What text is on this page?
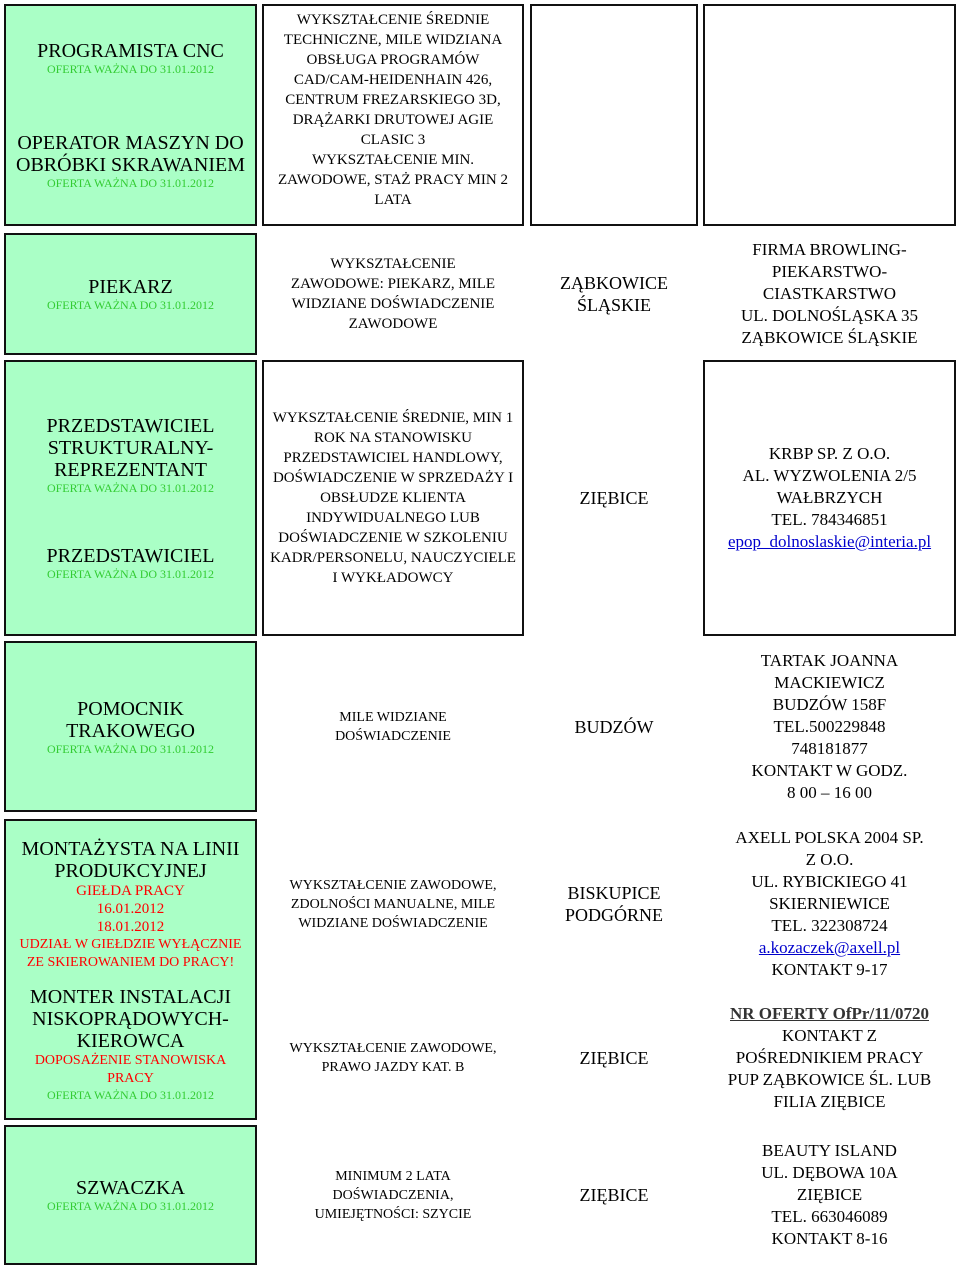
PROGRAMISTA CNC
OFERTA WAŻNA DO 31.01.2012
OPERATOR MASZYN DO OBRÓBKI SKRAWANIEM
OFERTA WAŻNA DO 31.01.2012
PIEKARZ
OFERTA WAŻNA DO 31.01.2012
PRZEDSTAWICIEL STRUKTURALNY-REPREZENTANT
OFERTA WAŻNA DO 31.01.2012
PRZEDSTAWICIEL
OFERTA WAŻNA DO 31.01.2012
POMOCNIK TRAKOWEGO
OFERTA WAŻNA DO 31.01.2012
MONTAŻYSTA NA LINII PRODUKCYJNEJ
GIEŁDA PRACY
16.01.2012
18.01.2012
UDZIAŁ W GIEŁDZIE WYŁĄCZNIE ZE SKIEROWANIEM DO PRACY!
MONTER INSTALACJI NISKOPRĄDOWYCH-KIEROWCA
DOPOSAŻENIE STANOWISKA PRACY
OFERTA WAŻNA DO 31.01.2012
SZWACZKA
OFERTA WAŻNA DO 31.01.2012
WYKSZTAŁCENIE ŚREDNIE TECHNICZNE, MILE WIDZIANA OBSŁUGA PROGRAMÓW CAD/CAM-HEIDENHAIN 426, CENTRUM FREZARSKIEGO 3D, DRĄŻARKI DRUTOWEJ AGIE CLASIC 3
WYKSZTAŁCENIE MIN. ZAWODOWE, STAŻ PRACY MIN 2 LATA
WYKSZTAŁCENIE ZAWODOWE: PIEKARZ, MILE WIDZIANE DOŚWIADCZENIE ZAWODOWE
WYKSZTAŁCENIE ŚREDNIE, MIN 1 ROK NA STANOWISKU PRZEDSTAWICIEL HANDLOWY, DOŚWIADCZENIE W SPRZEDAŻY I OBSŁUDZE KLIENTA INDYWIDUALNEGO LUB DOŚWIADCZENIE W SZKOLENIU KADR/PERSONELU, NAUCZYCIELE I WYKŁADOWCY
MILE WIDZIANE DOŚWIADCZENIE
WYKSZTAŁCENIE ZAWODOWE, ZDOLNOŚCI MANUALNE, MILE WIDZIANE DOŚWIADCZENIE
WYKSZTAŁCENIE ZAWODOWE, PRAWO JAZDY KAT. B
MINIMUM 2 LATA DOŚWIADCZENIA, UMIEJĘTNOŚCI: SZYCIE
ZĄBKOWICE ŚLĄSKIE
ZIĘBICE
BUDZÓW
BISKUPICE PODGÓRNE
ZIĘBICE
ZIĘBICE
FIRMA BROWLING-PIEKARSTWO-CIASTKARSTWO
UL. DOLNOŚLĄSKA 35 ZĄBKOWICE ŚLĄSKIE
KRBP SP. Z O.O.
AL. WYZWOLENIA 2/5
WAŁBRZYCH
TEL. 784346851
epop_dolnoslaskie@interia.pl
TARTAK JOANNA MACKIEWICZ
BUDZÓW 158F
TEL.500229848
748181877
KONTAKT W GODZ.
8 00 – 16 00
AXELL POLSKA 2004 SP. Z O.O.
UL. RYBICKIEGO 41
SKIERNIEWICE
TEL. 322308724
a.kozaczek@axell.pl
KONTAKT 9-17
NR OFERTY OfPr/11/0720
KONTAKT Z POŚREDNIKIEM PRACY PUP ZĄBKOWICE ŚL. LUB FILIA ZIĘBICE
BEAUTY ISLAND
UL. DĘBOWA 10A
ZIĘBICE
TEL. 663046089
KONTAKT 8-16
